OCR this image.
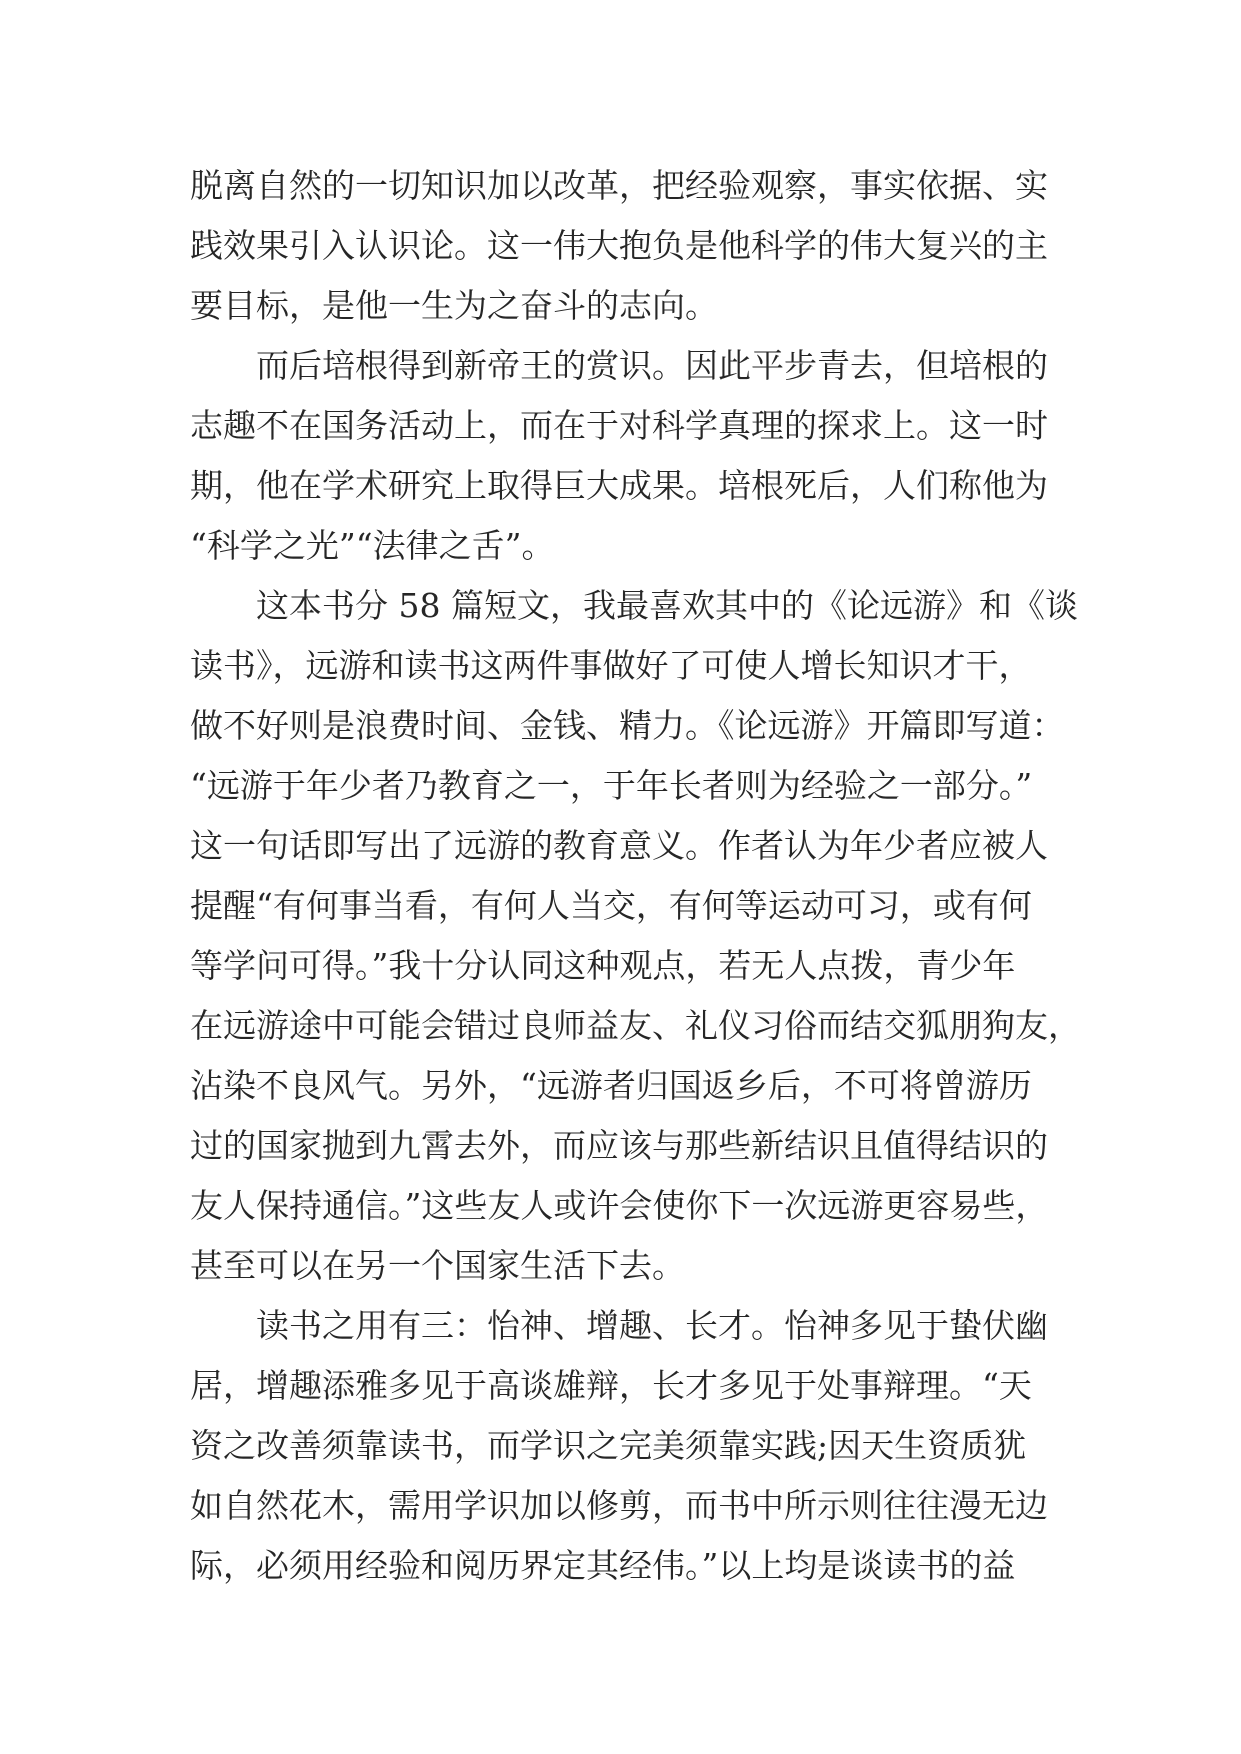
脱离自然的一切知识加以改革，把经验观察，事实依据、实
践效果引入认识论。这一伟大抱负是他科学的伟大复兴的主
要目标，是他一生为之奋斗的志向。
　　而后培根得到新帝王的赏识。因此平步青去，但培根的
志趣不在国务活动上，而在于对科学真理的探求上。这一时
期，他在学术研究上取得巨大成果。培根死后，人们称他为
“科学之光”“法律之舌”。
　　这本书分 58 篇短文，我最喜欢其中的《论远游》和《谈
读书》，远游和读书这两件事做好了可使人增长知识才干，
做不好则是浪费时间、金钱、精力。《论远游》开篇即写道：
“远游于年少者乃教育之一，于年长者则为经验之一部分。”
这一句话即写出了远游的教育意义。作者认为年少者应被人
提醒“有何事当看，有何人当交，有何等运动可习，或有何
等学问可得。”我十分认同这种观点，若无人点拨，青少年
在远游途中可能会错过良师益友、礼仪习俗而结交狐朋狗友，
沾染不良风气。另外，“远游者归国返乡后，不可将曾游历
过的国家抛到九霄去外，而应该与那些新结识且值得结识的
友人保持通信。”这些友人或许会使你下一次远游更容易些，
甚至可以在另一个国家生活下去。
　　读书之用有三：怡神、增趣、长才。怡神多见于蛰伏幽
居，增趣添雅多见于高谈雄辩，长才多见于处事辩理。“天
资之改善须靠读书，而学识之完美须靠实践;因天生资质犹
如自然花木，需用学识加以修剪，而书中所示则往往漫无边
际，必须用经验和阅历界定其经伟。”以上均是谈读书的益
